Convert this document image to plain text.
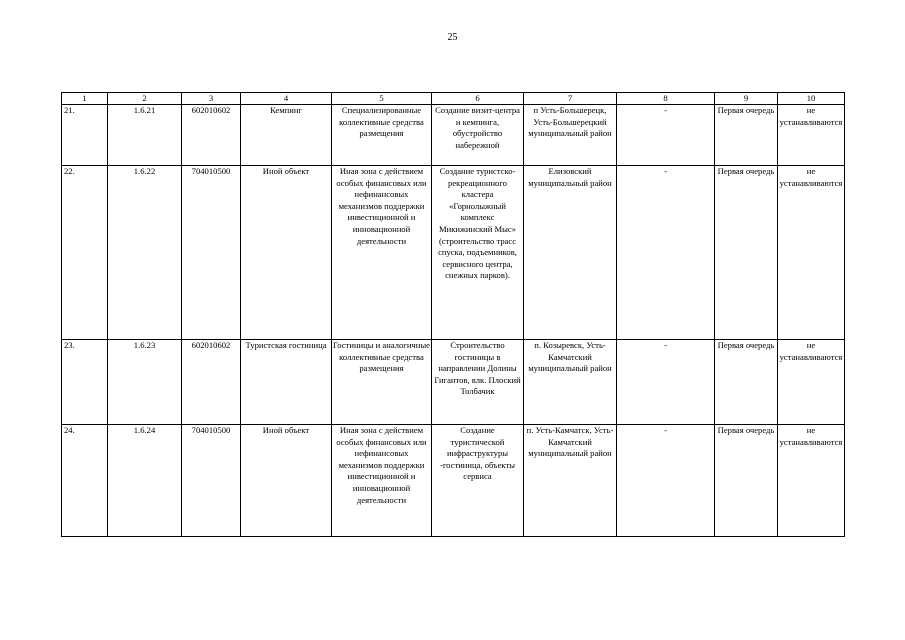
25
1	2	3	4	5	6	7	8	9	10
21.	1.6.21	602010602	Кемпинг	Специализированные коллективные средства размещения	Создание визит-центра и кемпинга, обустройство набережной	п Усть-Большерецк, Усть-Большерецкий муниципальный район	-	Первая очередь	не устанавливаются
22.	1.6.22	704010500	Иной объект	Иная зона с действием особых финансовых или нефинансовых механизмов поддержки инвестиционной и инновационной деятельности	Создание туристско-рекреационного кластера «Горнолыжный комплекс Микижинский Мыс» (строительство трасс спуска, подъемников, сервисного центра, снежных парков).	Елизовский муниципальный район	-	Первая очередь	не устанавливаются
23.	1.6.23	602010602	Туристская гостиница	Гостиницы и аналогичные коллективные средства размещения	Строительство гостиницы в направлении Долины Гигантов, влк. Плоский Толбачик	п. Козыревск, Усть-Камчатский муниципальный район	-	Первая очередь	не устанавливаются
24.	1.6.24	704010500	Иной объект	Иная зона с действием особых финансовых или нефинансовых механизмов поддержки инвестиционной и инновационной деятельности	Создание туристической инфраструктуры -гостиница, объекты сервиса	п. Усть-Камчатск, Усть-Камчатский муниципальный район	-	Первая очередь	не устанавливаются
